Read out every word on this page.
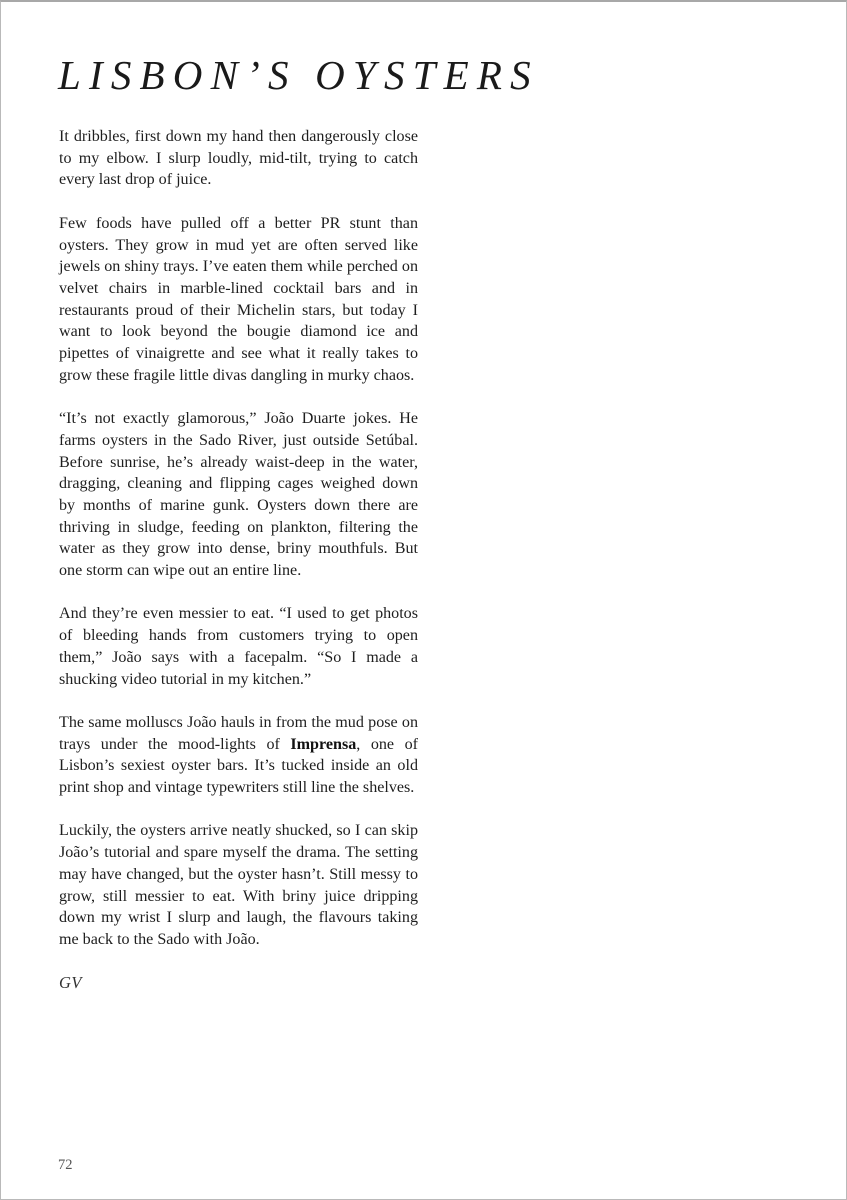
LISBON’S OYSTERS

It dribbles, first down my hand then dangerously close to my elbow. I slurp loudly, mid-tilt, trying to catch every last drop of juice.

Few foods have pulled off a better PR stunt than oysters. They grow in mud yet are often served like jewels on shiny trays. I’ve eaten them while perched on velvet chairs in marble-lined cocktail bars and in restaurants proud of their Michelin stars, but today I want to look beyond the bougie diamond ice and pipettes of vinaigrette and see what it really takes to grow these fragile little divas dangling in murky chaos.

“It’s not exactly glamorous,” João Duarte jokes. He farms oysters in the Sado River, just outside Setúbal. Before sunrise, he’s already waist-deep in the water, dragging, cleaning and flipping cages weighed down by months of marine gunk. Oysters down there are thriving in sludge, feeding on plankton, filtering the water as they grow into dense, briny mouthfuls. But one storm can wipe out an entire line.

And they’re even messier to eat. “I used to get photos of bleeding hands from customers trying to open them,” João says with a facepalm. “So I made a shucking video tutorial in my kitchen.”

The same molluscs João hauls in from the mud pose on trays under the mood-lights of Imprensa, one of Lisbon’s sexiest oyster bars. It’s tucked inside an old print shop and vintage typewriters still line the shelves.

Luckily, the oysters arrive neatly shucked, so I can skip João’s tutorial and spare myself the drama. The setting may have changed, but the oyster hasn’t. Still messy to grow, still messier to eat. With briny juice dripping down my wrist I slurp and laugh, the flavours taking me back to the Sado with João.

GV

72
